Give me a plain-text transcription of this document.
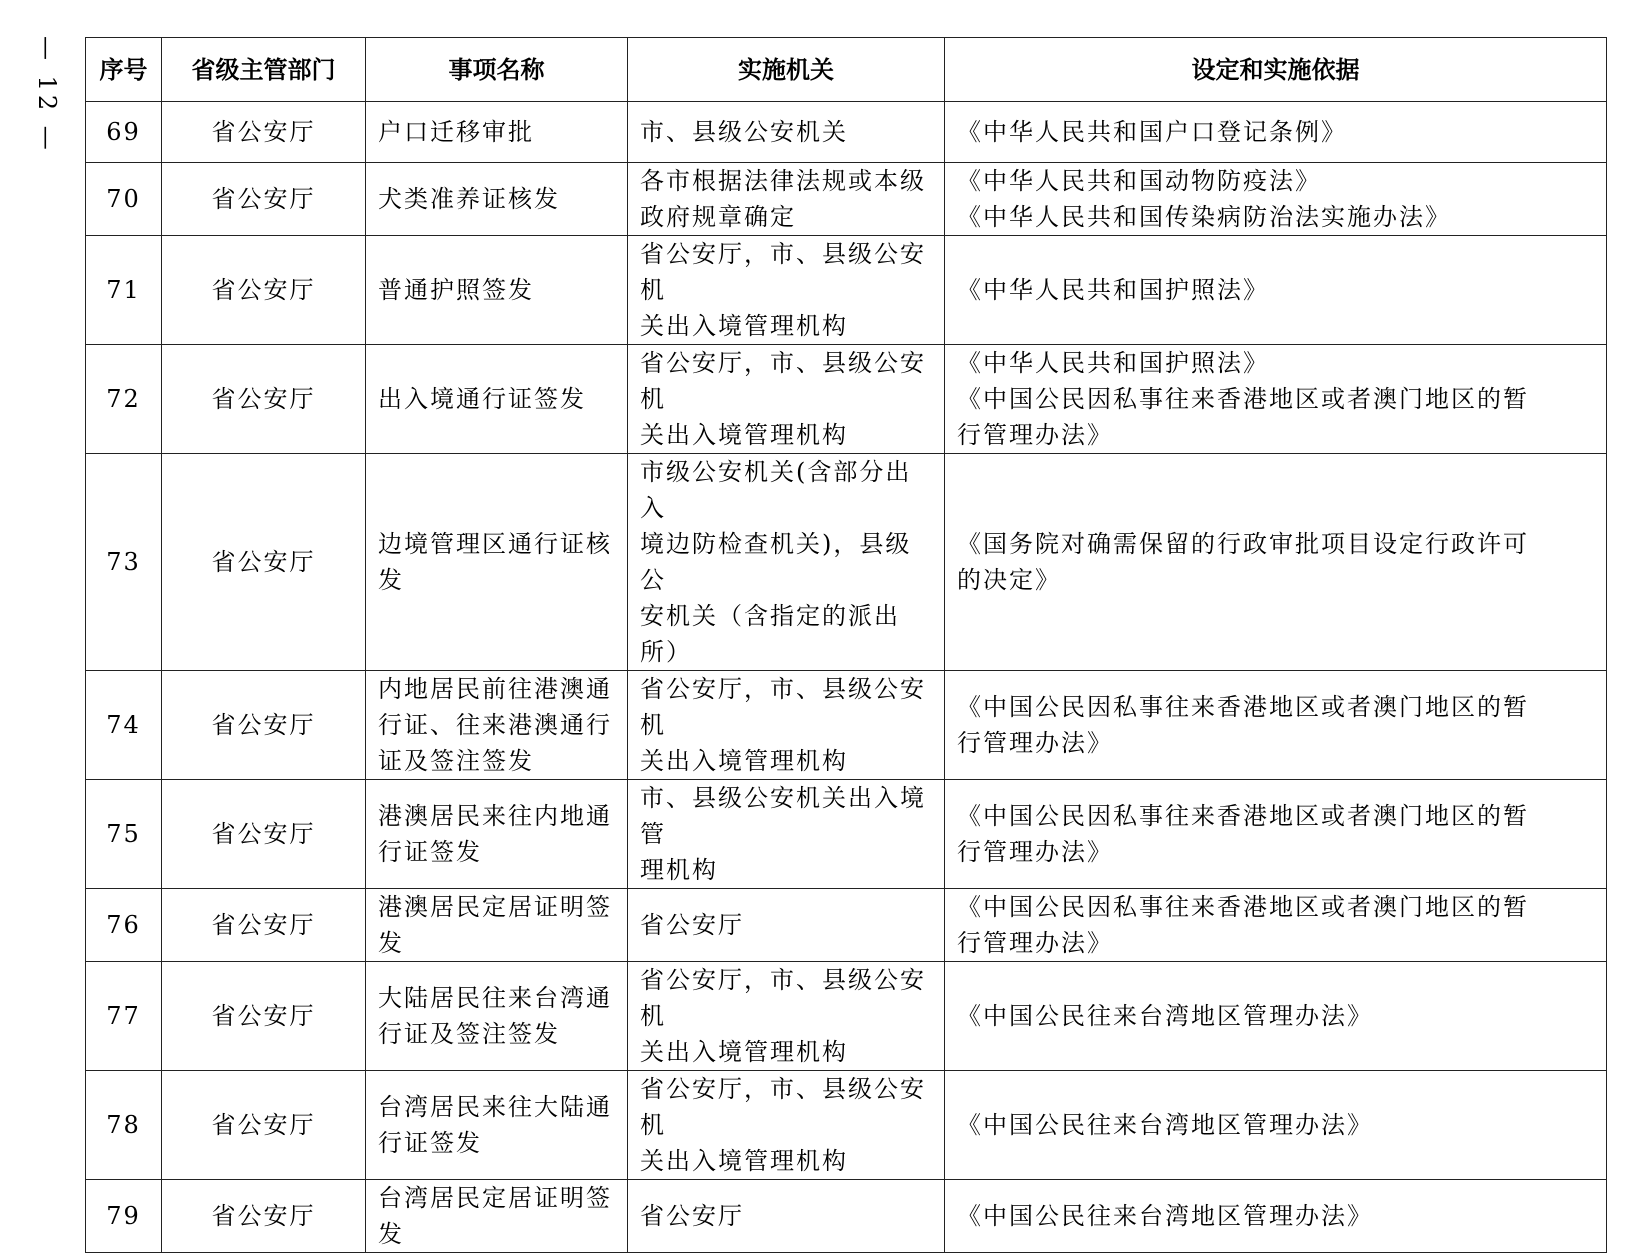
— 12 —	序号	省级主管部门	事项名称	实施机关	设定和实施依据
69	省公安厅	户口迁移审批	市、县级公安机关	《中华人民共和国户口登记条例》

70	省公安厅	犬类准养证核发	各市根据法律法规或本级
政府规章确定	《中华人民共和国动物防疫法》
《中华人民共和国传染病防治法实施办法》

71	省公安厅	普通护照签发	省公安厅，市、县级公安机
关出入境管理机构	《中华人民共和国护照法》

72	省公安厅	出入境通行证签发	省公安厅，市、县级公安机
关出入境管理机构	《中华人民共和国护照法》
《中国公民因私事往来香港地区或者澳门地区的暂
行管理办法》

73	省公安厅	边境管理区通行证核
发	市级公安机关(含部分出入
境边防检查机关)，县级公
安机关（含指定的派出所）	《国务院对确需保留的行政审批项目设定行政许可
的决定》

74	省公安厅	内地居民前往港澳通
行证、往来港澳通行
证及签注签发	省公安厅，市、县级公安机
关出入境管理机构	《中国公民因私事往来香港地区或者澳门地区的暂
行管理办法》

75	省公安厅	港澳居民来往内地通
行证签发	市、县级公安机关出入境管
理机构	《中国公民因私事往来香港地区或者澳门地区的暂
行管理办法》

76	省公安厅	港澳居民定居证明签
发	省公安厅	《中国公民因私事往来香港地区或者澳门地区的暂
行管理办法》

77	省公安厅	大陆居民往来台湾通
行证及签注签发	省公安厅，市、县级公安机
关出入境管理机构	《中国公民往来台湾地区管理办法》

78	省公安厅	台湾居民来往大陆通
行证签发	省公安厅，市、县级公安机
关出入境管理机构	《中国公民往来台湾地区管理办法》

79	省公安厅	台湾居民定居证明签发	省公安厅	《中国公民往来台湾地区管理办法》
